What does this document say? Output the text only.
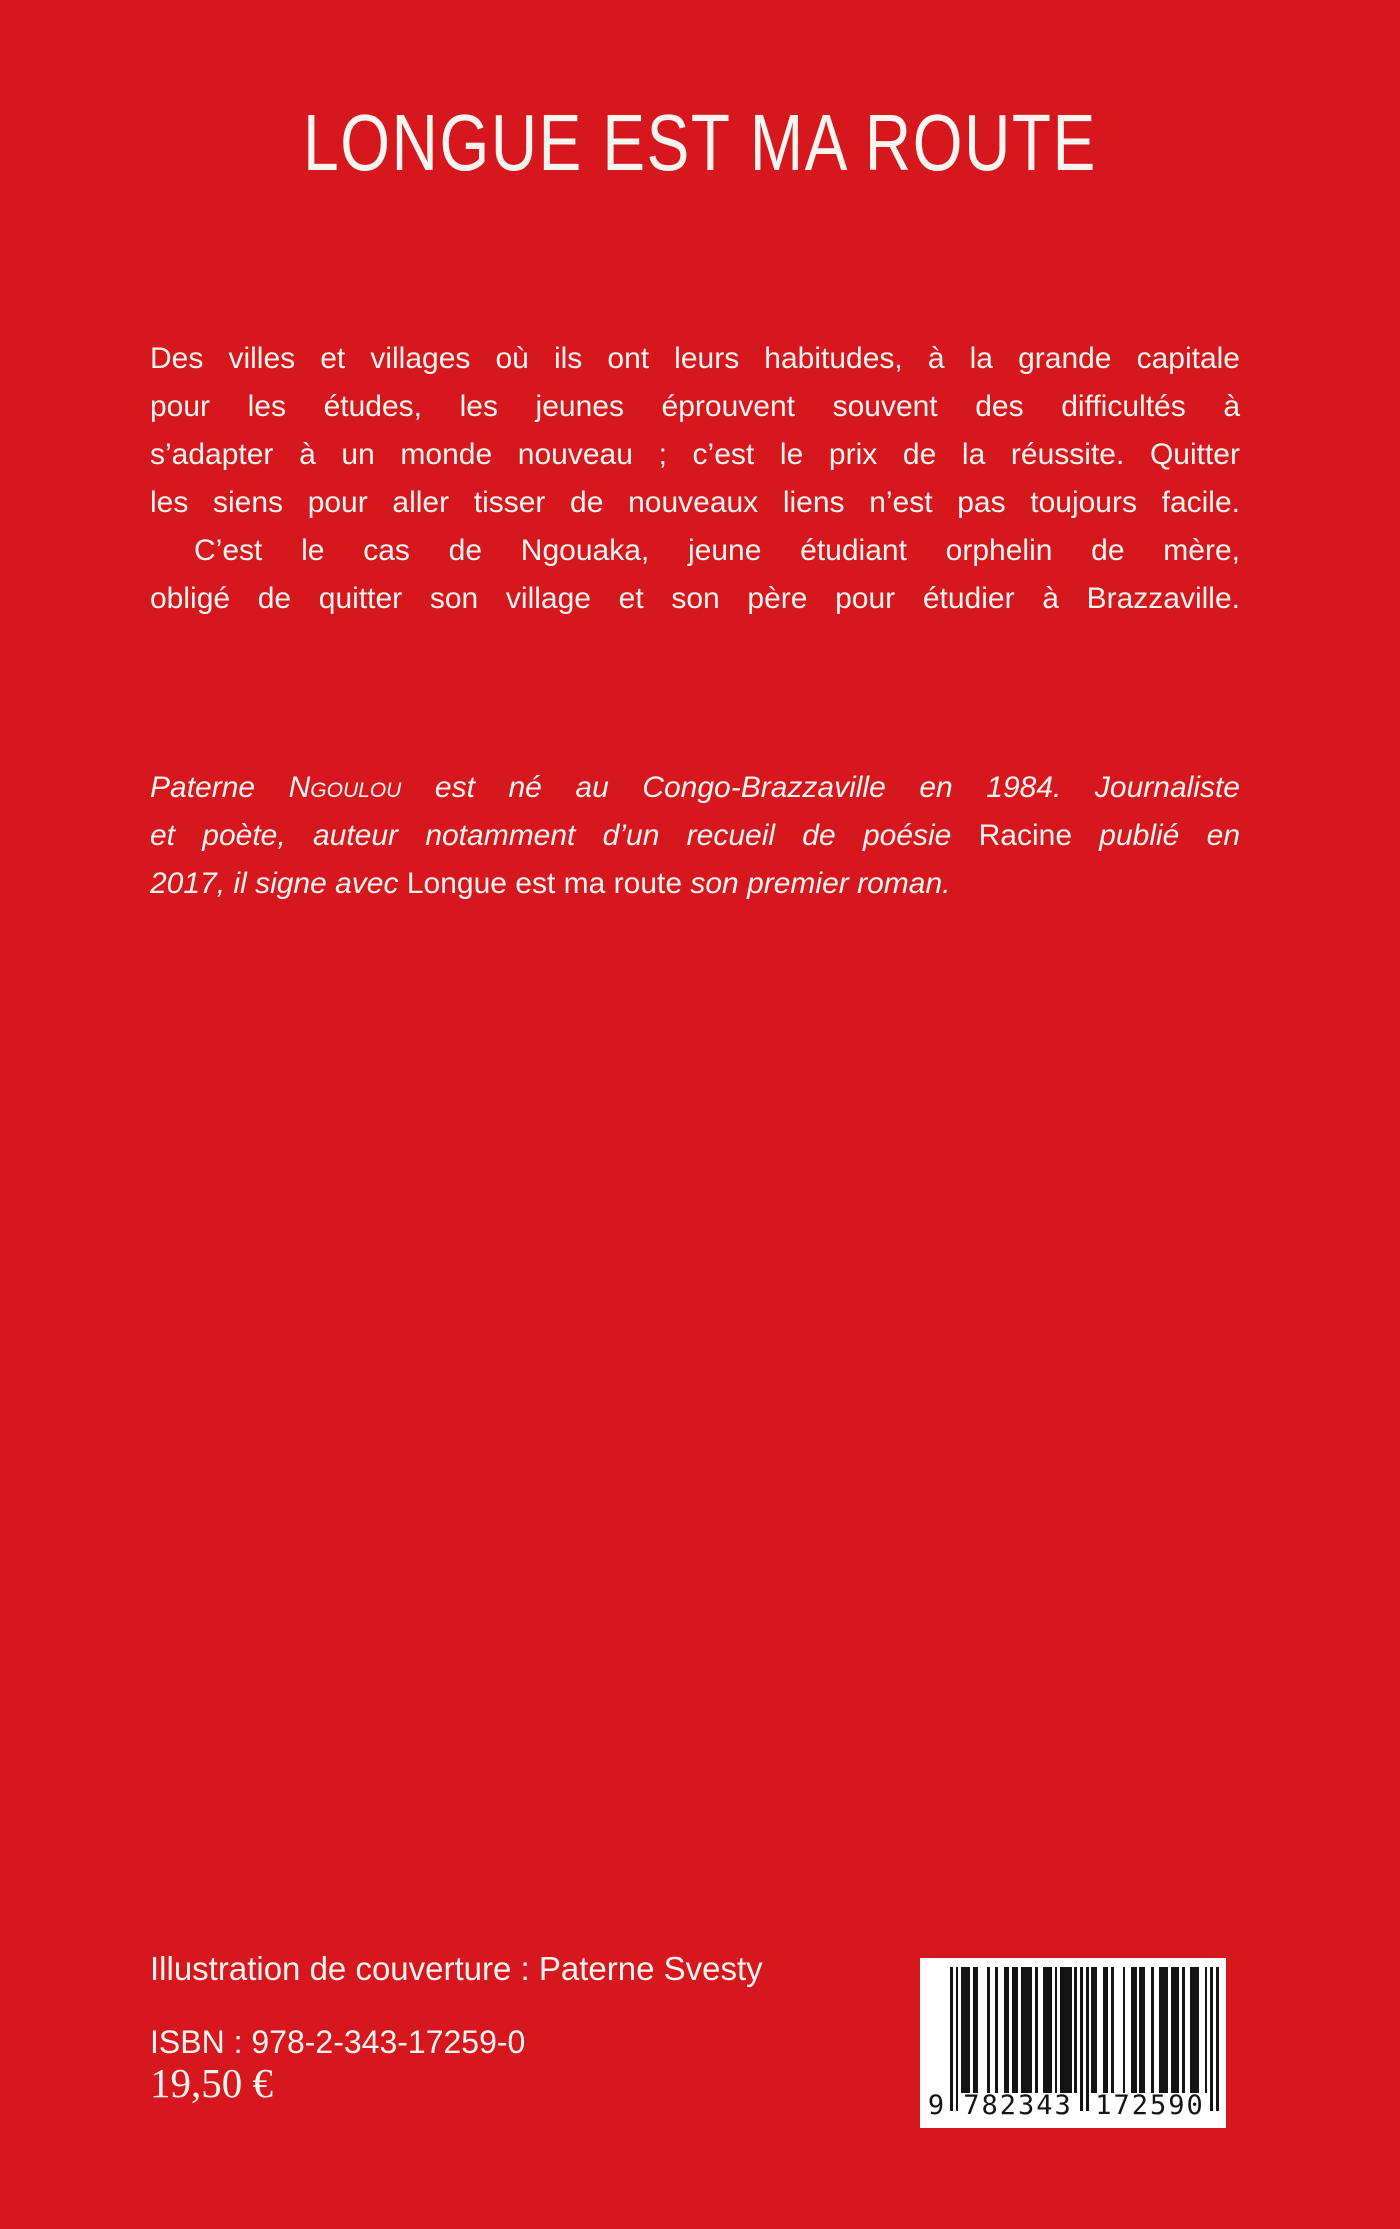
LONGUE EST MA ROUTE
Des villes et villages où ils ont leurs habitudes, à la grande capitale
pour les études, les jeunes éprouvent souvent des difficultés à
s’adapter à un monde nouveau ; c’est le prix de la réussite. Quitter
les siens pour aller tisser de nouveaux liens n’est pas toujours facile.
C’est le cas de Ngouaka, jeune étudiant orphelin de mère,
obligé de quitter son village et son père pour étudier à Brazzaville.
Paterne Ngoulou est né au Congo-Brazzaville en 1984. Journaliste
et poète, auteur notamment d’un recueil de poésie Racine publié en
2017, il signe avec Longue est ma route son premier roman.
Illustration de couverture : Paterne Svesty
ISBN : 978-2-343-17259-0
19,50 €	9 782343 172590
